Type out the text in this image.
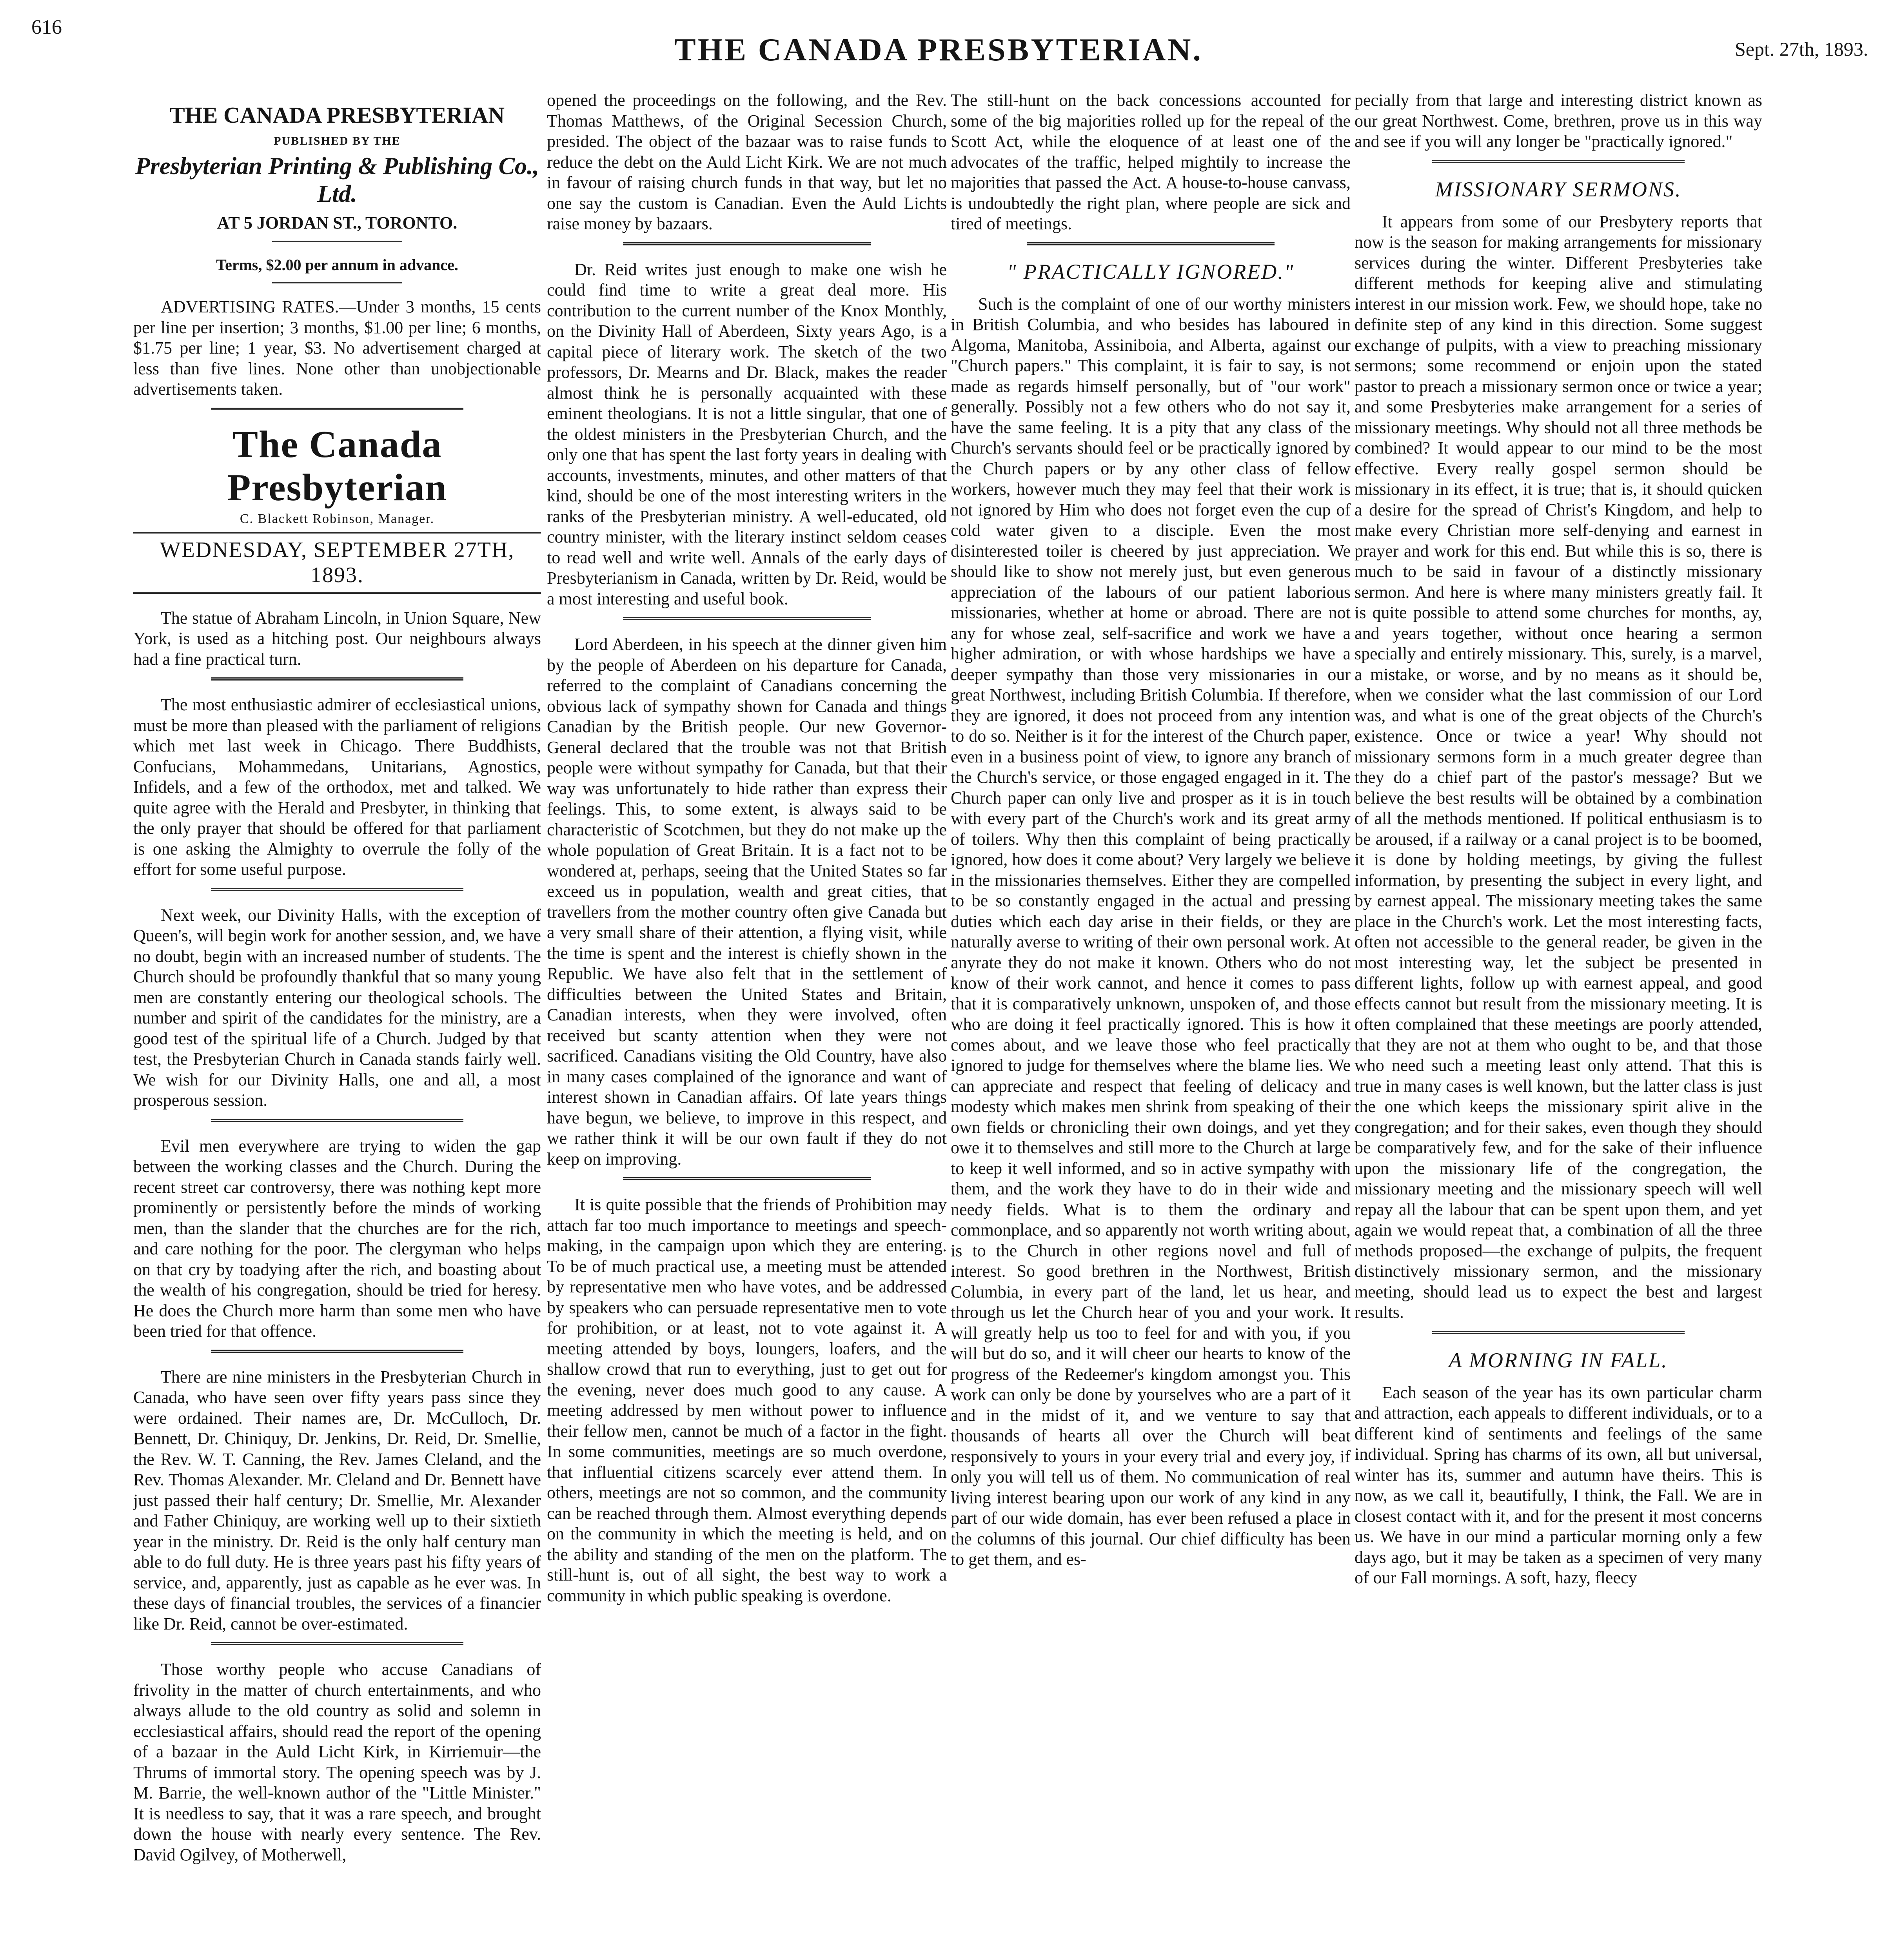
616
THE CANADA PRESBYTERIAN.	Sept. 27th, 1893.
THE CANADA PRESBYTERIAN
PUBLISHED BY THE
Presbyterian Printing & Publishing Co., Ltd.
AT 5 JORDAN ST., TORONTO.
Terms, $2.00 per annum in advance.

ADVERTISING RATES.—Under 3 months, 15 cents per line per insertion; 3 months, $1.00 per line; 6 months, $1.75 per line; 1 year, $3. No advertisement charged at less than five lines. None other than unobjectionable advertisements taken.

The Canada Presbyterian
C. Blackett Robinson, Manager.
WEDNESDAY, SEPTEMBER 27TH, 1893.

The statue of Abraham Lincoln, in Union Square, New York, is used as a hitching post. Our neighbours always had a fine practical turn.

The most enthusiastic admirer of ecclesiastical unions, must be more than pleased with the parliament of religions which met last week in Chicago. There Buddhists, Confucians, Mohammedans, Unitarians, Agnostics, Infidels, and a few of the orthodox, met and talked. We quite agree with the Herald and Presbyter, in thinking that the only prayer that should be offered for that parliament is one asking the Almighty to overrule the folly of the effort for some useful purpose.

Next week, our Divinity Halls, with the exception of Queen's, will begin work for another session, and, we have no doubt, begin with an increased number of students. The Church should be profoundly thankful that so many young men are constantly entering our theological schools. The number and spirit of the candidates for the ministry, are a good test of the spiritual life of a Church. Judged by that test, the Presbyterian Church in Canada stands fairly well. We wish for our Divinity Halls, one and all, a most prosperous session.

Evil men everywhere are trying to widen the gap between the working classes and the Church. During the recent street car controversy, there was nothing kept more prominently or persistently before the minds of working men, than the slander that the churches are for the rich, and care nothing for the poor. The clergyman who helps on that cry by toadying after the rich, and boasting about the wealth of his congregation, should be tried for heresy. He does the Church more harm than some men who have been tried for that offence.

There are nine ministers in the Presbyterian Church in Canada, who have seen over fifty years pass since they were ordained. Their names are, Dr. McCulloch, Dr. Bennett, Dr. Chiniquy, Dr. Jenkins, Dr. Reid, Dr. Smellie, the Rev. W. T. Canning, the Rev. James Cleland, and the Rev. Thomas Alexander. Mr. Cleland and Dr. Bennett have just passed their half century; Dr. Smellie, Mr. Alexander and Father Chiniquy, are working well up to their sixtieth year in the ministry. Dr. Reid is the only half century man able to do full duty. He is three years past his fifty years of service, and, apparently, just as capable as he ever was. In these days of financial troubles, the services of a financier like Dr. Reid, cannot be over-estimated.

Those worthy people who accuse Canadians of frivolity in the matter of church entertainments, and who always allude to the old country as solid and solemn in ecclesiastical affairs, should read the report of the opening of a bazaar in the Auld Licht Kirk, in Kirriemuir—the Thrums of immortal story. The opening speech was by J. M. Barrie, the well-known author of the "Little Minister." It is needless to say, that it was a rare speech, and brought down the house with nearly every sentence. The Rev. David Ogilvey, of Motherwell,

opened the proceedings on the following, and the Rev. Thomas Matthews, of the Original Secession Church, presided. The object of the bazaar was to raise funds to reduce the debt on the Auld Licht Kirk. We are not much in favour of raising church funds in that way, but let no one say the custom is Canadian. Even the Auld Lichts raise money by bazaars.

Dr. Reid writes just enough to make one wish he could find time to write a great deal more. His contribution to the current number of the Knox Monthly, on the Divinity Hall of Aberdeen, Sixty years Ago, is a capital piece of literary work. The sketch of the two professors, Dr. Mearns and Dr. Black, makes the reader almost think he is personally acquainted with these eminent theologians. It is not a little singular, that one of the oldest ministers in the Presbyterian Church, and the only one that has spent the last forty years in dealing with accounts, investments, minutes, and other matters of that kind, should be one of the most interesting writers in the ranks of the Presbyterian ministry. A well-educated, old country minister, with the literary instinct seldom ceases to read well and write well. Annals of the early days of Presbyterianism in Canada, written by Dr. Reid, would be a most interesting and useful book.

Lord Aberdeen, in his speech at the dinner given him by the people of Aberdeen on his departure for Canada, referred to the complaint of Canadians concerning the obvious lack of sympathy shown for Canada and things Canadian by the British people. Our new Governor-General declared that the trouble was not that British people were without sympathy for Canada, but that their way was unfortunately to hide rather than express their feelings. This, to some extent, is always said to be characteristic of Scotchmen, but they do not make up the whole population of Great Britain. It is a fact not to be wondered at, perhaps, seeing that the United States so far exceed us in population, wealth and great cities, that travellers from the mother country often give Canada but a very small share of their attention, a flying visit, while the time is spent and the interest is chiefly shown in the Republic. We have also felt that in the settlement of difficulties between the United States and Britain, Canadian interests, when they were involved, often received but scanty attention when they were not sacrificed. Canadians visiting the Old Country, have also in many cases complained of the ignorance and want of interest shown in Canadian affairs. Of late years things have begun, we believe, to improve in this respect, and we rather think it will be our own fault if they do not keep on improving.

It is quite possible that the friends of Prohibition may attach far too much importance to meetings and speech-making, in the campaign upon which they are entering. To be of much practical use, a meeting must be attended by representative men who have votes, and be addressed by speakers who can persuade representative men to vote for prohibition, or at least, not to vote against it. A meeting attended by boys, loungers, loafers, and the shallow crowd that run to everything, just to get out for the evening, never does much good to any cause. A meeting addressed by men without power to influence their fellow men, cannot be much of a factor in the fight. In some communities, meetings are so much overdone, that influential citizens scarcely ever attend them. In others, meetings are not so common, and the community can be reached through them. Almost everything depends on the community in which the meeting is held, and on the ability and standing of the men on the platform. The still-hunt is, out of all sight, the best way to work a community in which public speaking is overdone.

The still-hunt on the back concessions accounted for some of the big majorities rolled up for the repeal of the Scott Act, while the eloquence of at least one of the advocates of the traffic, helped mightily to increase the majorities that passed the Act. A house-to-house canvass, is undoubtedly the right plan, where people are sick and tired of meetings.

" PRACTICALLY IGNORED."

Such is the complaint of one of our worthy ministers in British Columbia, and who besides has laboured in Algoma, Manitoba, Assiniboia, and Alberta, against our "Church papers." This complaint, it is fair to say, is not made as regards himself personally, but of "our work" generally. Possibly not a few others who do not say it, have the same feeling. It is a pity that any class of the Church's servants should feel or be practically ignored by the Church papers or by any other class of fellow workers, however much they may feel that their work is not ignored by Him who does not forget even the cup of cold water given to a disciple. Even the most disinterested toiler is cheered by just appreciation. We should like to show not merely just, but even generous appreciation of the labours of our patient laborious missionaries, whether at home or abroad. There are not any for whose zeal, self-sacrifice and work we have a higher admiration, or with whose hardships we have a deeper sympathy than those very missionaries in our great Northwest, including British Columbia. If therefore, they are ignored, it does not proceed from any intention to do so. Neither is it for the interest of the Church paper, even in a business point of view, to ignore any branch of the Church's service, or those engaged engaged in it. The Church paper can only live and prosper as it is in touch with every part of the Church's work and its great army of toilers. Why then this complaint of being practically ignored, how does it come about? Very largely we believe in the missionaries themselves. Either they are compelled to be so constantly engaged in the actual and pressing duties which each day arise in their fields, or they are naturally averse to writing of their own personal work. At anyrate they do not make it known. Others who do not know of their work cannot, and hence it comes to pass that it is comparatively unknown, unspoken of, and those who are doing it feel practically ignored. This is how it comes about, and we leave those who feel practically ignored to judge for themselves where the blame lies. We can appreciate and respect that feeling of delicacy and modesty which makes men shrink from speaking of their own fields or chronicling their own doings, and yet they owe it to themselves and still more to the Church at large to keep it well informed, and so in active sympathy with them, and the work they have to do in their wide and needy fields. What is to them the ordinary and commonplace, and so apparently not worth writing about, is to the Church in other regions novel and full of interest. So good brethren in the Northwest, British Columbia, in every part of the land, let us hear, and through us let the Church hear of you and your work. It will greatly help us too to feel for and with you, if you will but do so, and it will cheer our hearts to know of the progress of the Redeemer's kingdom amongst you. This work can only be done by yourselves who are a part of it and in the midst of it, and we venture to say that thousands of hearts all over the Church will beat responsively to yours in your every trial and every joy, if only you will tell us of them. No communication of real living interest bearing upon our work of any kind in any part of our wide domain, has ever been refused a place in the columns of this journal. Our chief difficulty has been to get them, and es-

pecially from that large and interesting district known as our great Northwest. Come, brethren, prove us in this way and see if you will any longer be "practically ignored."

MISSIONARY SERMONS.

It appears from some of our Presbytery reports that now is the season for making arrangements for missionary services during the winter. Different Presbyteries take different methods for keeping alive and stimulating interest in our mission work. Few, we should hope, take no definite step of any kind in this direction. Some suggest exchange of pulpits, with a view to preaching missionary sermons; some recommend or enjoin upon the stated pastor to preach a missionary sermon once or twice a year; and some Presbyteries make arrangement for a series of missionary meetings. Why should not all three methods be combined? It would appear to our mind to be the most effective. Every really gospel sermon should be missionary in its effect, it is true; that is, it should quicken a desire for the spread of Christ's Kingdom, and help to make every Christian more self-denying and earnest in prayer and work for this end. But while this is so, there is much to be said in favour of a distinctly missionary sermon. And here is where many ministers greatly fail. It is quite possible to attend some churches for months, ay, and years together, without once hearing a sermon specially and entirely missionary. This, surely, is a marvel, a mistake, or worse, and by no means as it should be, when we consider what the last commission of our Lord was, and what is one of the great objects of the Church's existence. Once or twice a year! Why should not missionary sermons form in a much greater degree than they do a chief part of the pastor's message? But we believe the best results will be obtained by a combination of all the methods mentioned. If political enthusiasm is to be aroused, if a railway or a canal project is to be boomed, it is done by holding meetings, by giving the fullest information, by presenting the subject in every light, and by earnest appeal. The missionary meeting takes the same place in the Church's work. Let the most interesting facts, often not accessible to the general reader, be given in the most interesting way, let the subject be presented in different lights, follow up with earnest appeal, and good effects cannot but result from the missionary meeting. It is often complained that these meetings are poorly attended, that they are not at them who ought to be, and that those who need such a meeting least only attend. That this is true in many cases is well known, but the latter class is just the one which keeps the missionary spirit alive in the congregation; and for their sakes, even though they should be comparatively few, and for the sake of their influence upon the missionary life of the congregation, the missionary meeting and the missionary speech will well repay all the labour that can be spent upon them, and yet again we would repeat that, a combination of all the three methods proposed—the exchange of pulpits, the frequent distinctively missionary sermon, and the missionary meeting, should lead us to expect the best and largest results.

A MORNING IN FALL.

Each season of the year has its own particular charm and attraction, each appeals to different individuals, or to a different kind of sentiments and feelings of the same individual. Spring has charms of its own, all but universal, winter has its, summer and autumn have theirs. This is now, as we call it, beautifully, I think, the Fall. We are in closest contact with it, and for the present it most concerns us. We have in our mind a particular morning only a few days ago, but it may be taken as a specimen of very many of our Fall mornings. A soft, hazy, fleecy
